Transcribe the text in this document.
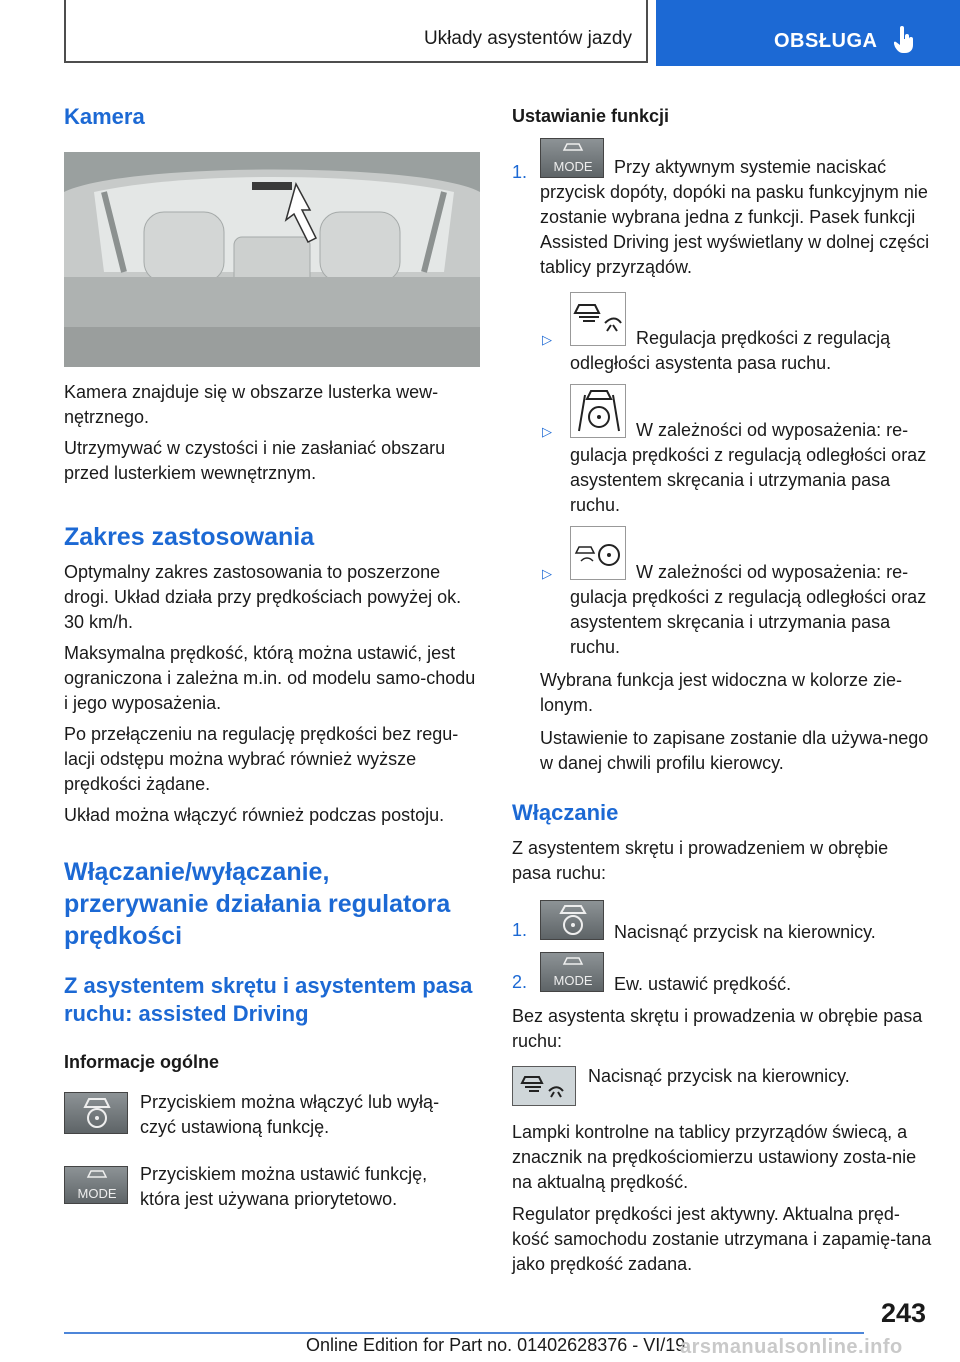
Układy asystentów jazdy	OBSŁUGA
Kamera

Kamera znajduje się w obszarze lusterka wew-nętrznego.

Utrzymywać w czystości i nie zasłaniać obszaru przed lusterkiem wewnętrznym.

Zakres zastosowania

Optymalny zakres zastosowania to poszerzone drogi. Układ działa przy prędkościach powyżej ok. 30 km/h.

Maksymalna prędkość, którą można ustawić, jest ograniczona i zależna m.in. od modelu samo-chodu i jego wyposażenia.

Po przełączeniu na regulację prędkości bez regu-lacji odstępu można wybrać również wyższe prędkości żądane.

Układ można włączyć również podczas postoju.

Włączanie/wyłączanie, przerywanie działania regulatora prędkości
Z asystentem skrętu i asystentem pasa ruchu: assisted Driving
Informacje ogólne

Przyciskiem można włączyć lub wyłą-czyć ustawioną funkcję.

MODE

Przyciskiem można ustawić funkcję, która jest używana priorytetowo.

Ustawianie funkcji
1. MODE	Przy aktywnym systemie naciskać przycisk dopóty, dopóki na pasku funkcyjnym nie zostanie wybrana jedna z funkcji. Pasek funkcji Assisted Driving jest wyświetlany w dolnej części tablicy przyrządów.

▷	Regulacja prędkości z regulacją odległości asystenta pasa ruchu.

▷	W zależności od wyposażenia: re-gulacja prędkości z regulacją odległości oraz asystentem skręcania i utrzymania pasa ruchu.

▷	W zależności od wyposażenia: re-gulacja prędkości z regulacją odległości oraz asystentem skręcania i utrzymania pasa ruchu.

Wybrana funkcja jest widoczna w kolorze zie-lonym.

Ustawienie to zapisane zostanie dla używa-nego w danej chwili profilu kierowcy.

Włączanie

Z asystentem skrętu i prowadzeniem w obrębie pasa ruchu:

1.	Nacisnąć przycisk na kierownicy.

2. MODE Ew. ustawić prędkość.

Bez asystenta skrętu i prowadzenia w obrębie pasa ruchu:

Nacisnąć przycisk na kierownicy.

Lampki kontrolne na tablicy przyrządów świecą, a znacznik na prędkościomierzu ustawiony zosta-nie na aktualną prędkość.

Regulator prędkości jest aktywny. Aktualna pręd-kość samochodu zostanie utrzymana i zapamię-tana jako prędkość zadana.

243
Online Edition for Part no. 01402628376 - VI/19
arsmanualsonline.info
